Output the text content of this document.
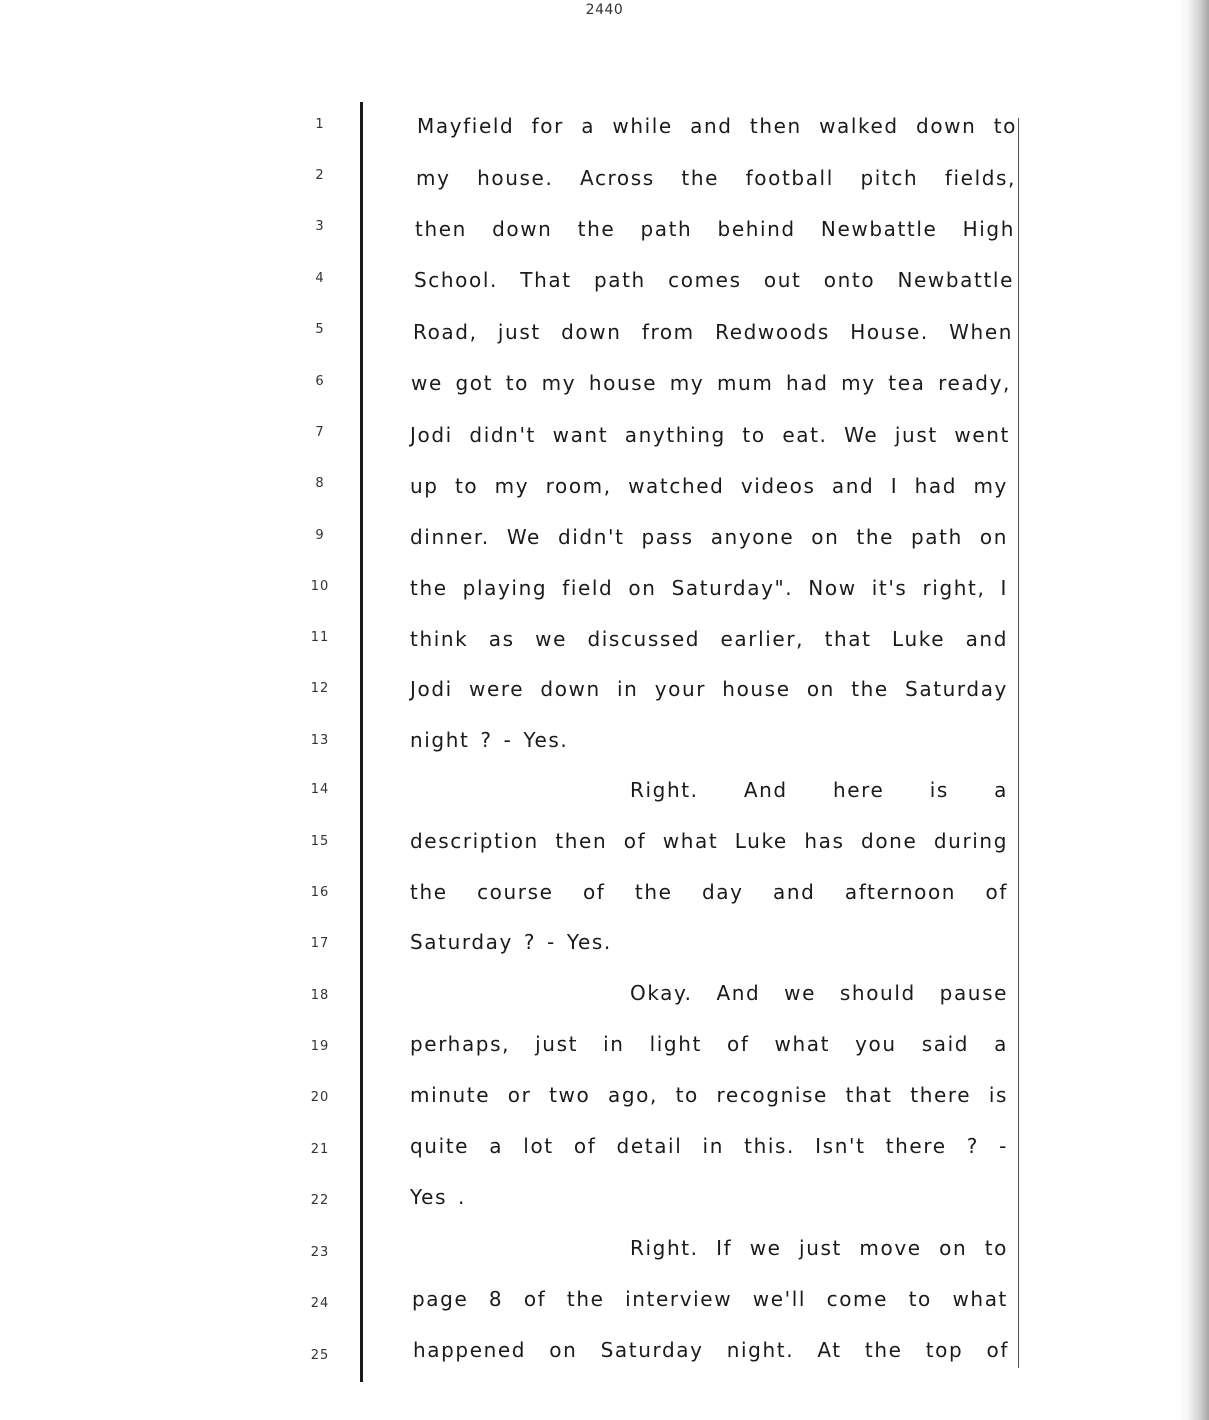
2440
1
2
3
4
5
6
7
8
9
10
11
12
13
14
15
16
17
18
19
20
21
22
23
24
25
Mayfield for a while and then walked down to
my house. Across the football pitch fields,
then down the path behind Newbattle High
School. That path comes out onto Newbattle
Road, just down from Redwoods House. When
we got to my house my mum had my tea ready,
Jodi didn't want anything to eat. We just went
up to my room, watched videos and I had my
dinner. We didn't pass anyone on the path on
the playing field on Saturday". Now it's right, I
think as we discussed earlier, that Luke and
Jodi were down in your house on the Saturday
night ? - Yes.
Right. And here is a
description then of what Luke has done during
the course of the day and afternoon of
Saturday ? - Yes.
Okay. And we should pause
perhaps, just in light of what you said a
minute or two ago, to recognise that there is
quite a lot of detail in this. Isn't there ? -
Yes .
Right. If we just move on to
page 8 of the interview we'll come to what
happened on Saturday night. At the top of
